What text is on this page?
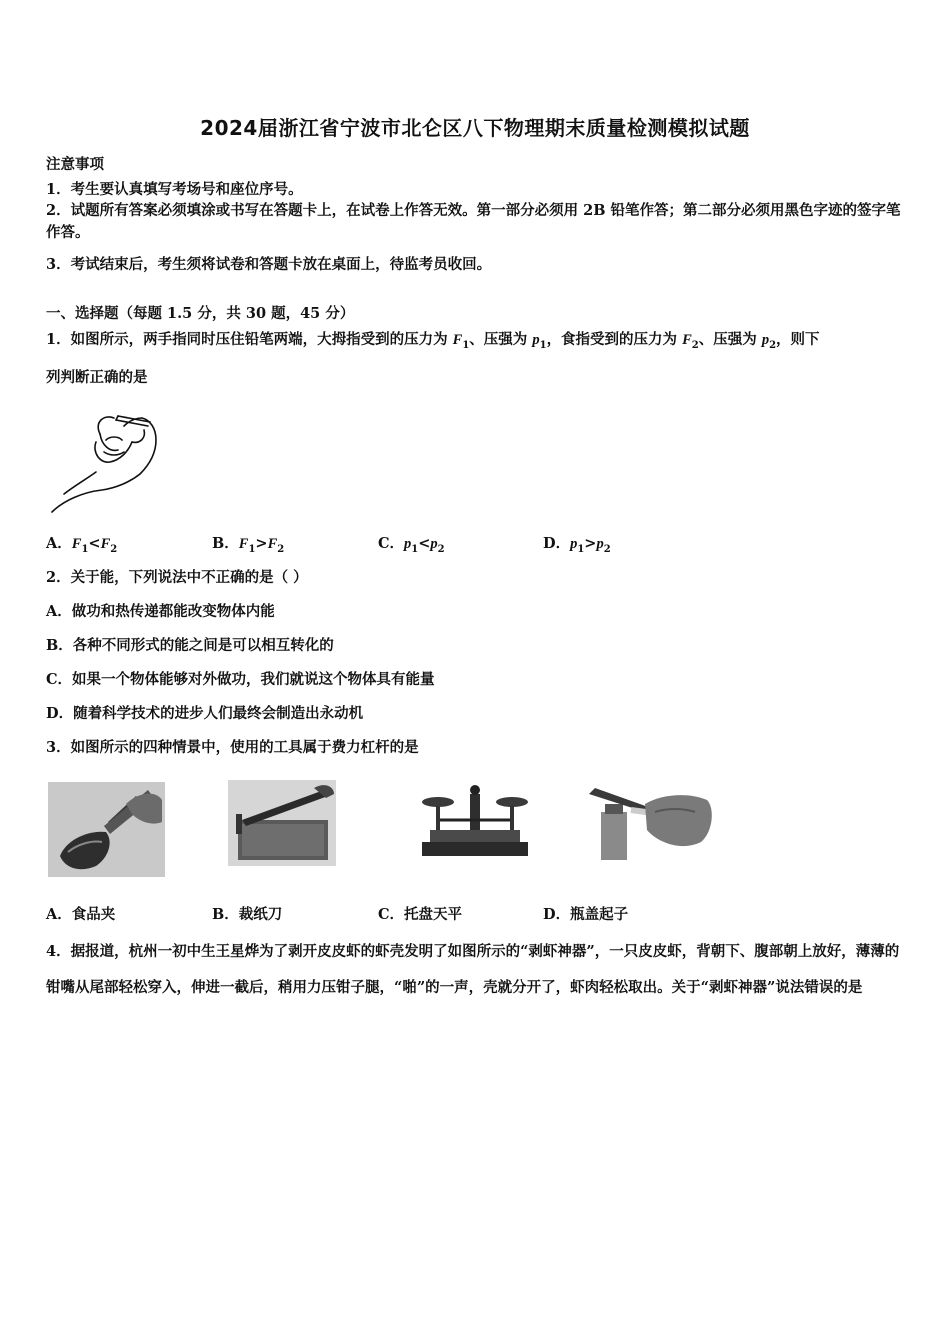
2024届浙江省宁波市北仑区八下物理期末质量检测模拟试题
注意事项
1．考生要认真填写考场号和座位序号。
2．试题所有答案必须填涂或书写在答题卡上，在试卷上作答无效。第一部分必须用 2B 铅笔作答；第二部分必须用黑色字迹的签字笔作答。
3．考试结束后，考生须将试卷和答题卡放在桌面上，待监考员收回。
一、选择题（每题 1.5 分，共 30 题，45 分）
1．如图所示，两手指同时压住铅笔两端，大拇指受到的压力为 $F_1$、压强为 $p_1$，食指受到的压力为 $F_2$、压强为 $p_2$，则下
列判断正确的是
A．$F_1<F_2$	B．$F_1>F_2$	C．$p_1<p_2$	D．$p_1>p_2$
2．关于能，下列说法中不正确的是（ ）
A．做功和热传递都能改变物体内能
B．各种不同形式的能之间是可以相互转化的
C．如果一个物体能够对外做功，我们就说这个物体具有能量
D．随着科学技术的进步人们最终会制造出永动机
3．如图所示的四种情景中，使用的工具属于费力杠杆的是
A．食品夹	B．裁纸刀	C．托盘天平	D．瓶盖起子
4．据报道，杭州一初中生王星烨为了剥开皮皮虾的虾壳发明了如图所示的“剥虾神器”，一只皮皮虾，背朝下、腹部朝上放好，薄薄的钳嘴从尾部轻松穿入，伸进一截后，稍用力压钳子腿，“啪”的一声，壳就分开了，虾肉轻松取出。关于“剥虾神器”说法错误的是
